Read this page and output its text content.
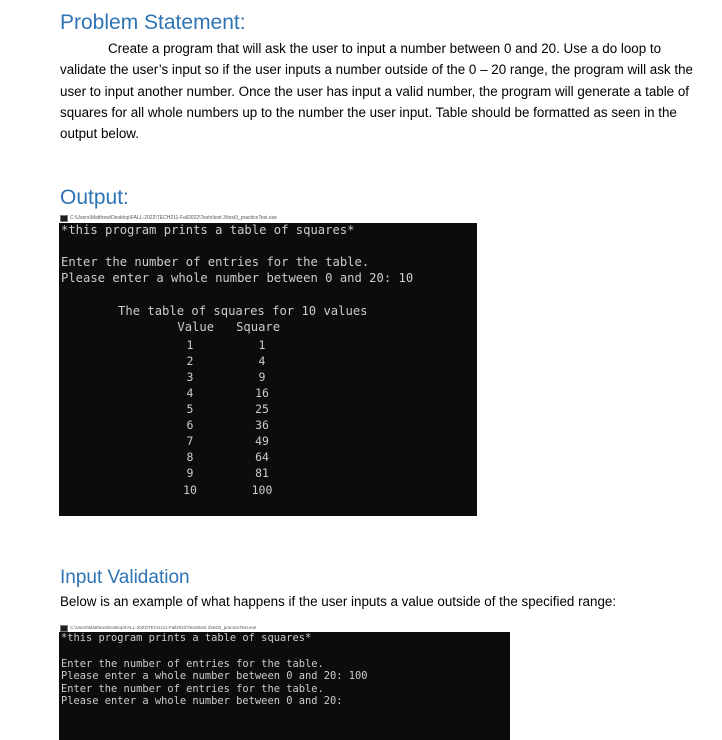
Problem Statement:

Create a program that will ask the user to input a number between 0 and 20. Use a do loop to validate the user’s input so if the user inputs a number outside of the 0 – 20 range, the program will ask the user to input another number. Once the user has input a valid number, the program will generate a table of squares for all whole numbers up to the number the user input. Table should be formatted as seen in the output below.

Output:
C:\Users\Matthew\Desktop\FALL-2022\TECH211-Fall2022\Tests\test 3\test3_practiceTest.exe
*this program prints a table of squares*
Enter the number of entries for the table.
Please enter a whole number between 0 and 20: 10
The table of squares for 10 values
Value   Square
1
2
3
4
5
6
7
8
9
10
1
4
9
16
25
36
49
64
81
100
Input Validation

Below is an example of what happens if the user inputs a value outside of the specified range:

C:\Users\Matthew\Desktop\FALL-2022\TECH211-Fall2022\Tests\test 3\test3_practiceTest.exe
*this program prints a table of squares*
Enter the number of entries for the table.
Please enter a whole number between 0 and 20: 100
Enter the number of entries for the table.
Please enter a whole number between 0 and 20:
